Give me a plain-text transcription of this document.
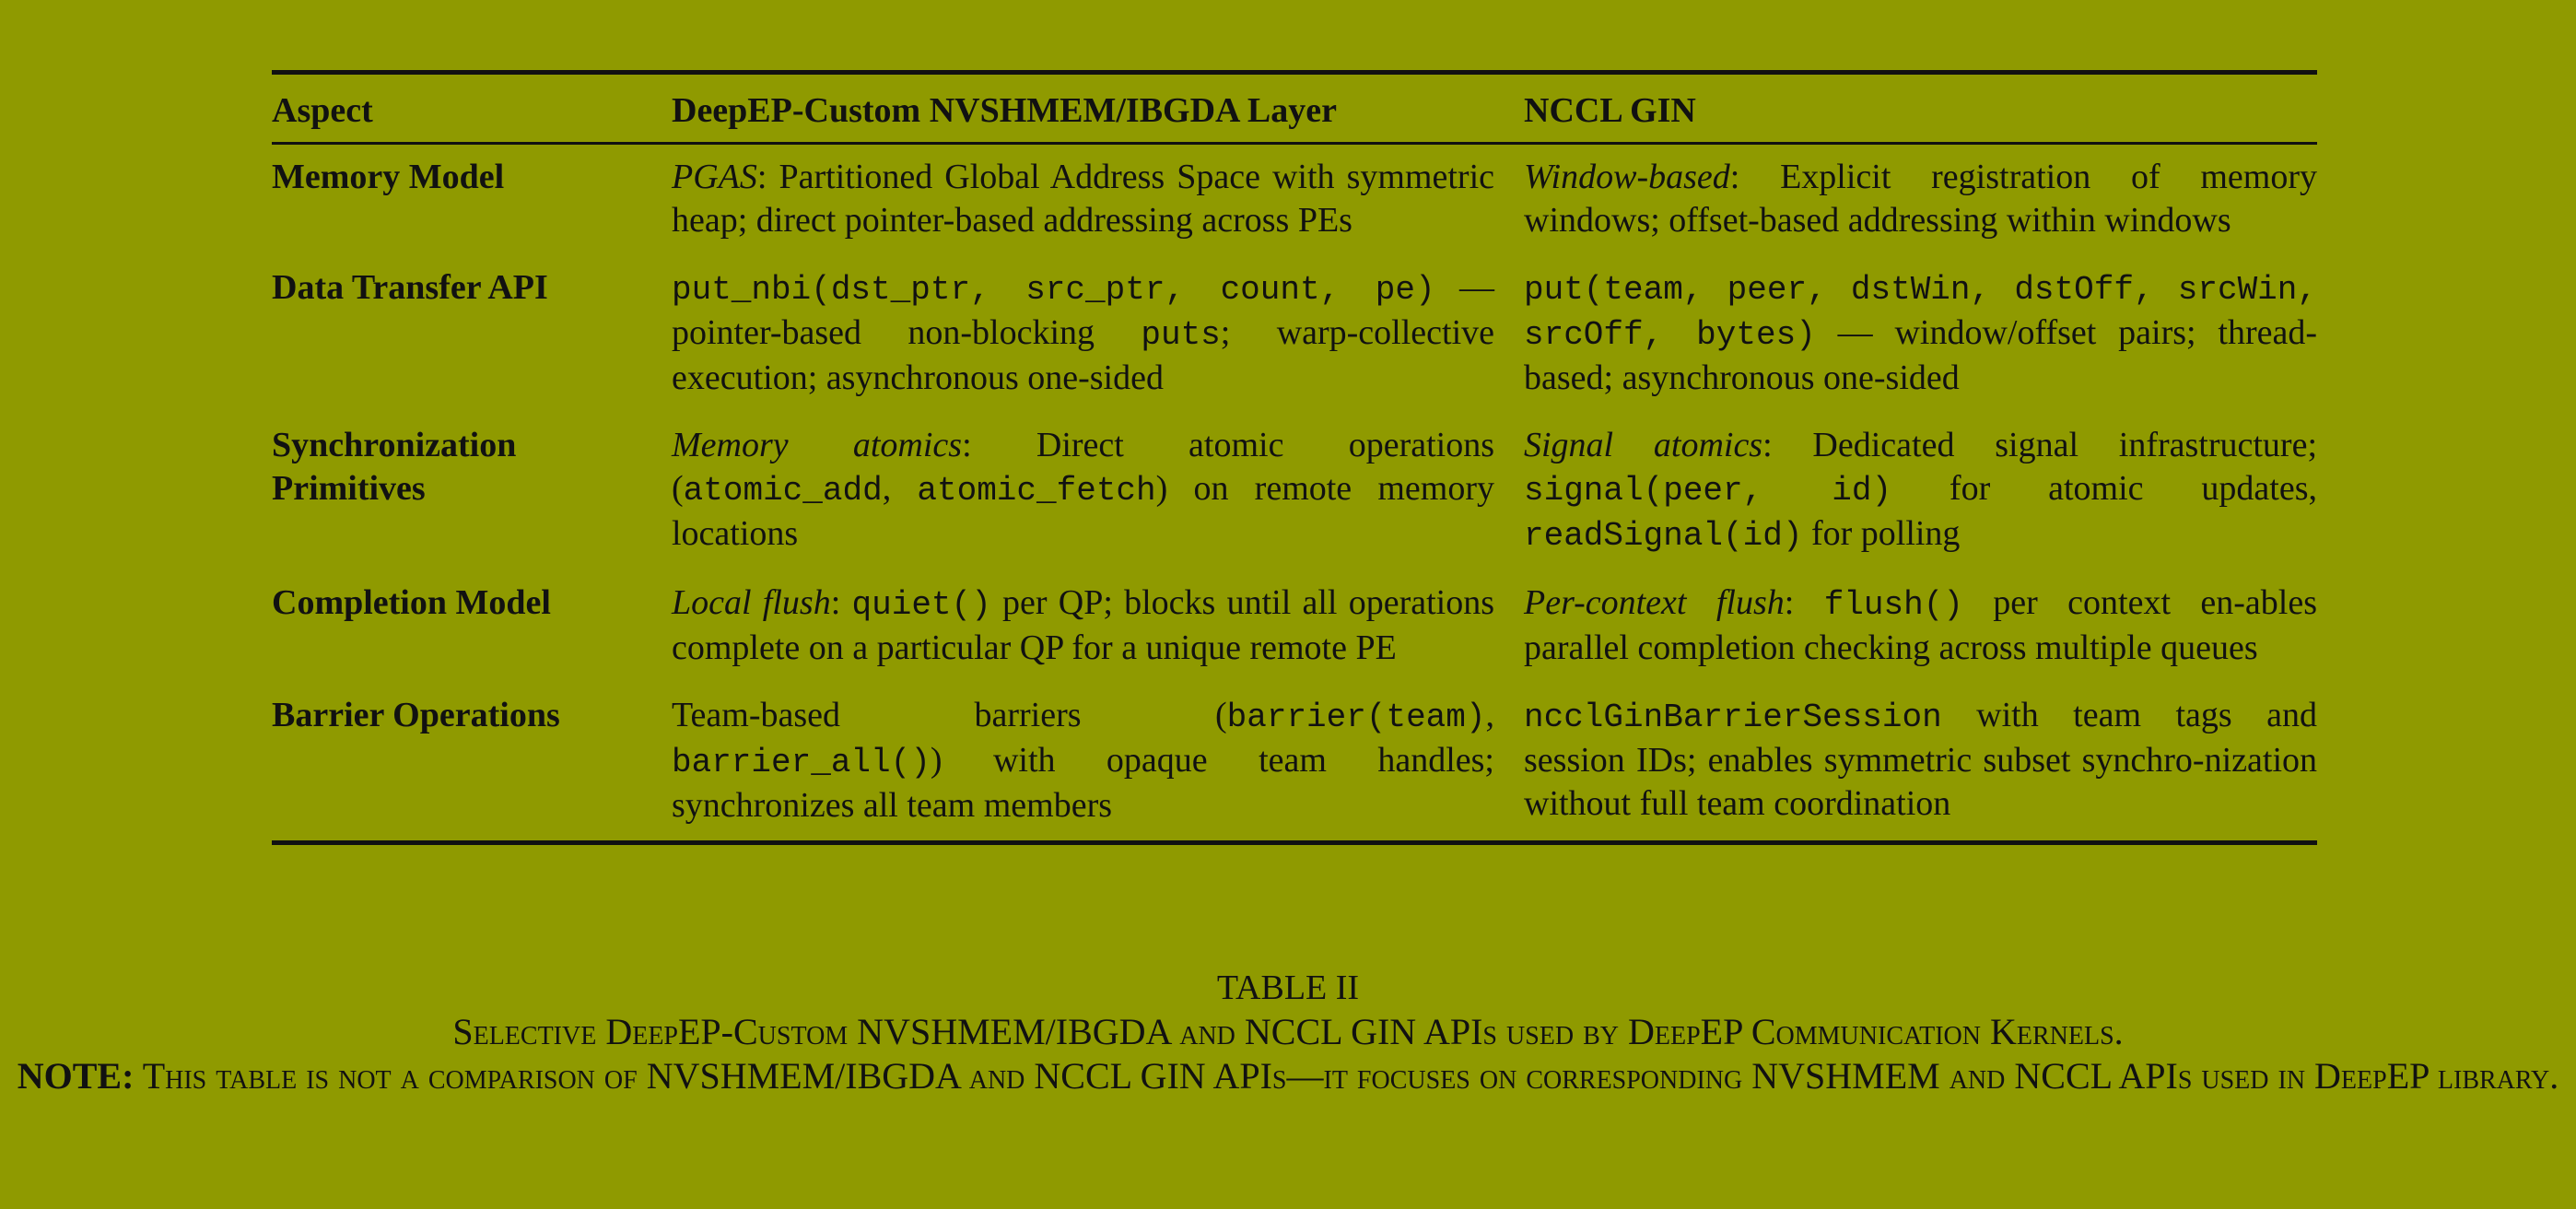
Aspect	DeepEP-Custom NVSHMEM/IBGDA Layer	NCCL GIN
Memory Model	PGAS: Partitioned Global Address Space with symmetric heap; direct pointer-based addressing across PEs	Window-based: Explicit registration of memory windows; offset-based addressing within windows
Data Transfer API	put_nbi(dst_ptr, src_ptr, count, pe) — pointer-based non-blocking puts; warp-collective execution; asynchronous one-sided	put(team, peer, dstWin, dstOff, srcWin, srcOff, bytes) — window/offset pairs; thread-based; asynchronous one-sided
Synchronization Primitives	Memory atomics: Direct atomic operations (atomic_add, atomic_fetch) on remote memory locations	Signal atomics: Dedicated signal infrastructure; signal(peer, id) for atomic updates, readSignal(id) for polling
Completion Model	Local flush: quiet() per QP; blocks until all operations complete on a particular QP for a unique remote PE	Per-context flush: flush() per context en-ables parallel completion checking across multiple queues
Barrier Operations	Team-based barriers (barrier(team), barrier_all()) with opaque team handles; synchronizes all team members	ncclGinBarrierSession with team tags and session IDs; enables symmetric subset synchro-nization without full team coordination
TABLE II
Selective DeepEP-Custom NVSHMEM/IBGDA and NCCL GIN APIs used by DeepEP Communication Kernels.
NOTE: This table is not a comparison of NVSHMEM/IBGDA and NCCL GIN APIs—it focuses on corresponding NVSHMEM and NCCL APIs used in DeepEP library.
